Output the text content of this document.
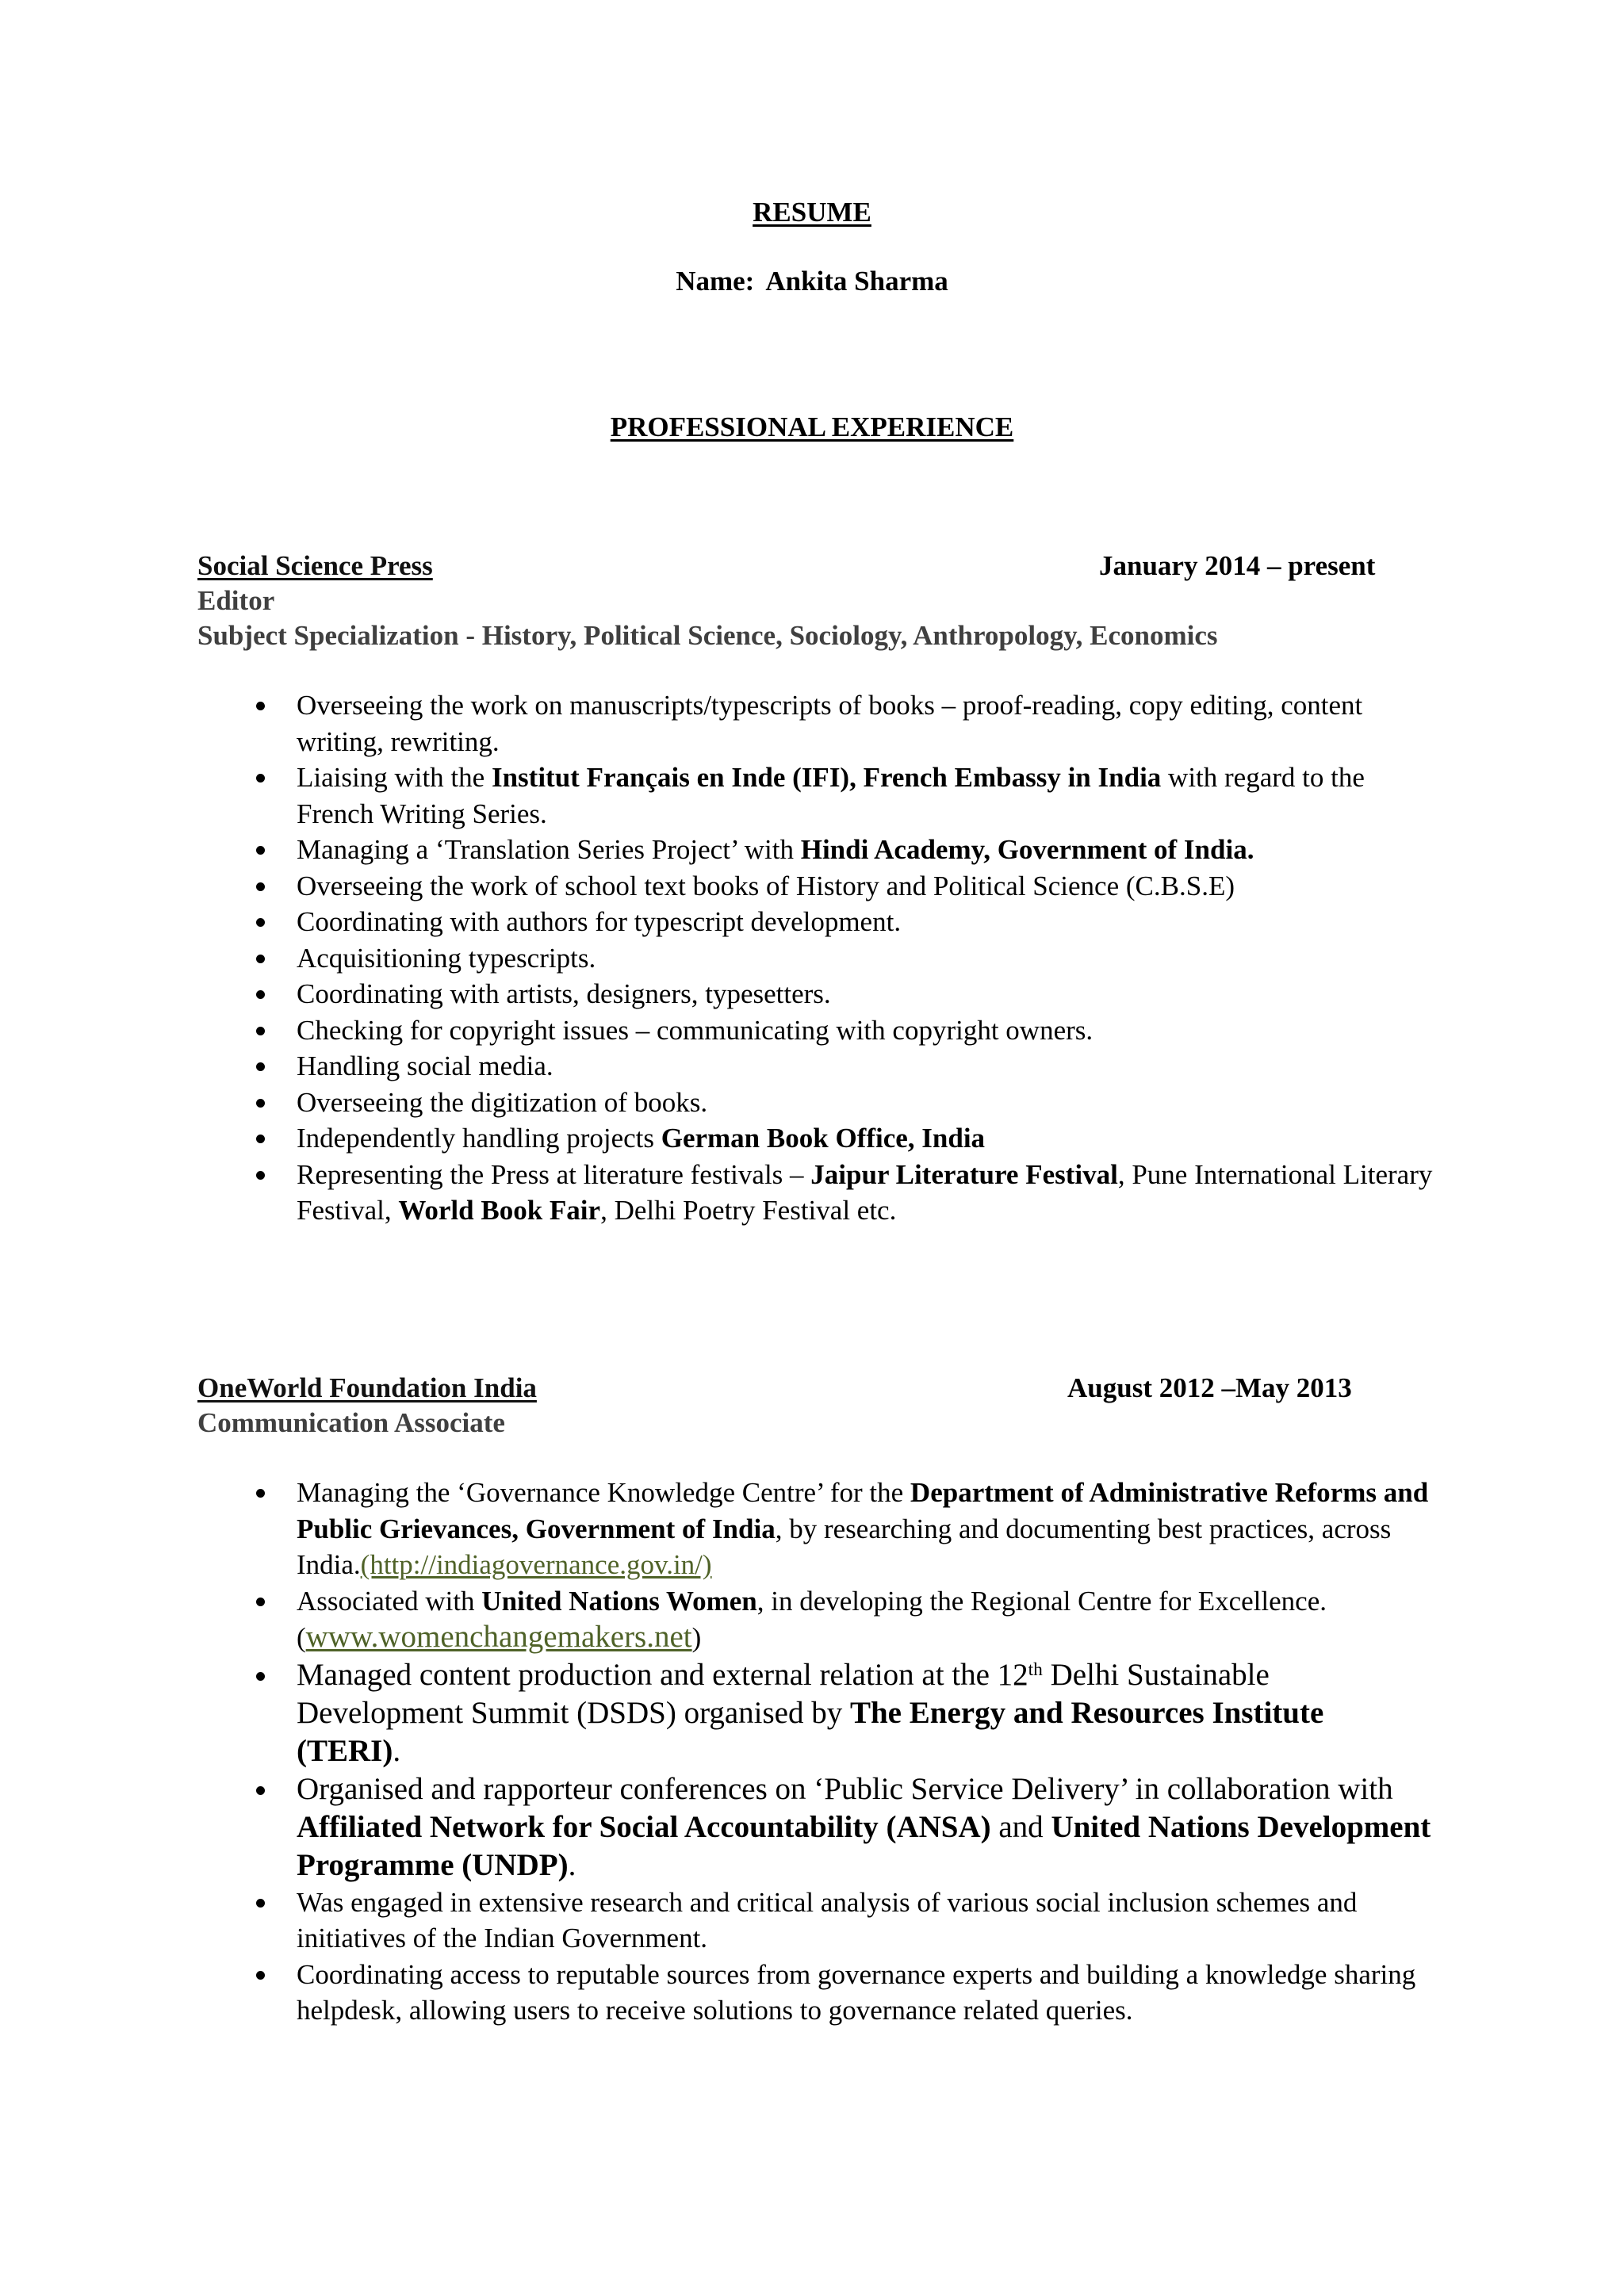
RESUME
Name: Ankita Sharma
PROFESSIONAL EXPERIENCE
Social Science Press	January 2014 – present
Editor
Subject Specialization - History, Political Science, Sociology, Anthropology, Economics
Overseeing the work on manuscripts/typescripts of books – proof-reading, copy editing, content writing, rewriting.
Liaising with the Institut Français en Inde (IFI), French Embassy in India with regard to the French Writing Series.
Managing a ‘Translation Series Project’ with Hindi Academy, Government of India.
Overseeing the work of school text books of History and Political Science (C.B.S.E)
Coordinating with authors for typescript development.
Acquisitioning typescripts.
Coordinating with artists, designers, typesetters.
Checking for copyright issues – communicating with copyright owners.
Handling social media.
Overseeing the digitization of books.
Independently handling projects German Book Office, India
Representing the Press at literature festivals – Jaipur Literature Festival, Pune International Literary Festival, World Book Fair, Delhi Poetry Festival etc.
OneWorld Foundation India	August 2012 –May 2013
Communication Associate
Managing the ‘Governance Knowledge Centre’ for the Department of Administrative Reforms and Public Grievances, Government of India, by researching and documenting best practices, across India.(http://indiagovernance.gov.in/)
Associated with United Nations Women, in developing the Regional Centre for Excellence. (www.womenchangemakers.net)
Managed content production and external relation at the 12th Delhi Sustainable Development Summit (DSDS) organised by The Energy and Resources Institute (TERI).
Organised and rapporteur conferences on ‘Public Service Delivery’ in collaboration with Affiliated Network for Social Accountability (ANSA) and United Nations Development Programme (UNDP).
Was engaged in extensive research and critical analysis of various social inclusion schemes and initiatives of the Indian Government.
Coordinating access to reputable sources from governance experts and building a knowledge sharing helpdesk, allowing users to receive solutions to governance related queries.
